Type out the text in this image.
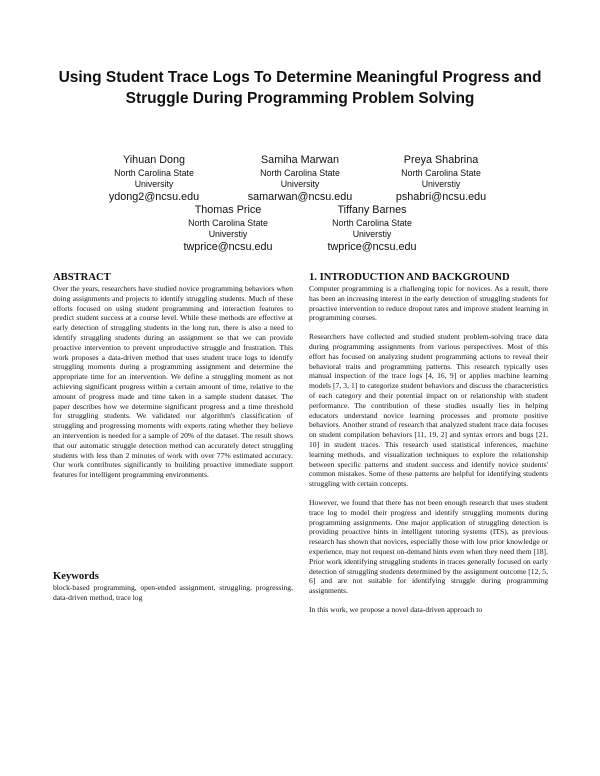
Using Student Trace Logs To Determine Meaningful Progress and Struggle During Programming Problem Solving
Yihuan Dong
North Carolina State
University
ydong2@ncsu.edu
Samiha Marwan
North Carolina State
University
samarwan@ncsu.edu
Preya Shabrina
North Carolina State
Universtiy
pshabri@ncsu.edu
Thomas Price
North Carolina State
Universtiy
twprice@ncsu.edu
Tiffany Barnes
North Carolina State
Universtiy
twprice@ncsu.edu
ABSTRACT

Over the years, researchers have studied novice programming behaviors when doing assignments and projects to identify struggling students. Much of these efforts focused on using student programming and interaction features to predict student success at a course level. While these methods are effective at early detection of struggling students in the long run, there is also a need to identify struggling students during an assignment so that we can provide proactive intervention to prevent unproductive struggle and frustration. This work proposes a data-driven method that uses student trace logs to identify struggling moments during a programming assignment and determine the appropriate time for an intervention. We define a struggling moment as not achieving significant progress within a certain amount of time, relative to the amount of progress made and time taken in a sample student dataset. The paper describes how we determine significant progress and a time threshold for struggling students. We validated our algorithm's classification of struggling and progressing moments with experts rating whether they believe an intervention is needed for a sample of 20% of the dataset. The result shows that our automatic struggle detection method can accurately detect struggling students with less than 2 minutes of work with over 77% estimated accuracy. Our work contributes significantly to building proactive immediate support features for intelligent programming environments.

Keywords

block-based programming, open-ended assignment, struggling, progressing, data-driven method, trace log

1. INTRODUCTION AND BACKGROUND

Computer programming is a challenging topic for novices. As a result, there has been an increasing interest in the early detection of struggling students for proactive intervention to reduce dropout rates and improve student learning in programming courses.

Researchers have collected and studied student problem-solving trace data during programming assignments from various perspectives. Most of this effort has focused on analyzing student programming actions to reveal their behavioral traits and programming patterns. This research typically uses manual inspection of the trace logs [4, 16, 9] or applies machine learning models [7, 3, 1] to categorize student behaviors and discuss the characteristics of each category and their potential impact on or relationship with student performance. The contribution of these studies usually lies in helping educators understand novice learning processes and promote positive behaviors. Another strand of research that analyzed student trace data focuses on student compilation behaviors [11, 19, 2] and syntax errors and bugs [21, 10] in student traces. This research used statistical inferences, machine learning methods, and visualization techniques to explore the relationship between specific patterns and student success and identify novice students' common mistakes. Some of these patterns are helpful for identifying students struggling with certain concepts.

However, we found that there has not been enough research that uses student trace log to model their progress and identify struggling moments during programming assignments. One major application of struggling detection is providing proactive hints in intelligent tutoring systems (ITS), as previous research has shown that novices, especially those with low prior knowledge or experience, may not request on-demand hints even when they need them [18]. Prior work identifying struggling students in traces generally focused on early detection of struggling students determined by the assignment outcome [12, 5, 6] and are not suitable for identifying struggle during programming assignments.

In this work, we propose a novel data-driven approach to
